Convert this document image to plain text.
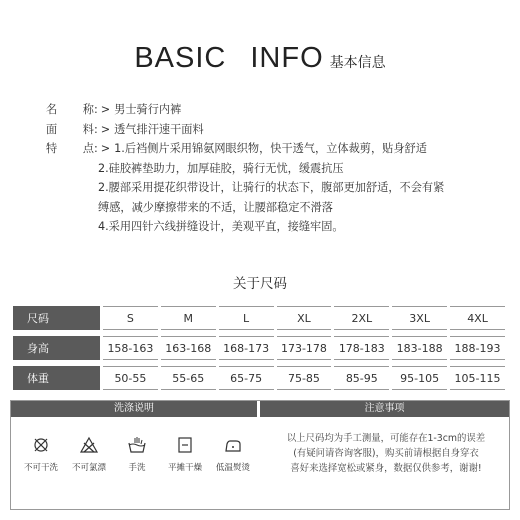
BASIC INFO 基本信息
名 称 : > 男士骑行内裤
面 料 : > 透气排汗速干面料
特 点 : > 1.后裆侧片采用锦氨网眼织物，快干透气，立体裁剪，贴身舒适
2.硅胶裤垫助力，加厚硅胶，骑行无忧，缓震抗压
2.腰部采用提花织带设计，让骑行的状态下，腹部更加舒适，不会有紧
缚感，减少摩擦带来的不适，让腰部稳定不滑落
4.采用四针六线拼缝设计，美观平直，接缝牢固。
关于尺码
尺码	S	M	L	XL	2XL	3XL	4XL

身高	158-163	163-168	168-173	173-178	178-183	183-188	188-193

体重	50-55	55-65	65-75	75-85	85-95	95-105	105-115
洗涤说明	注意事项
不可干洗 不可氯漂	手洗	平摊干燥 低温熨烫
以上尺码均为手工测量，可能存在1-3cm的误差
(有疑问请咨询客服)，购买前请根据自身穿衣
喜好来选择宽松或紧身，数据仅供参考，谢谢!
